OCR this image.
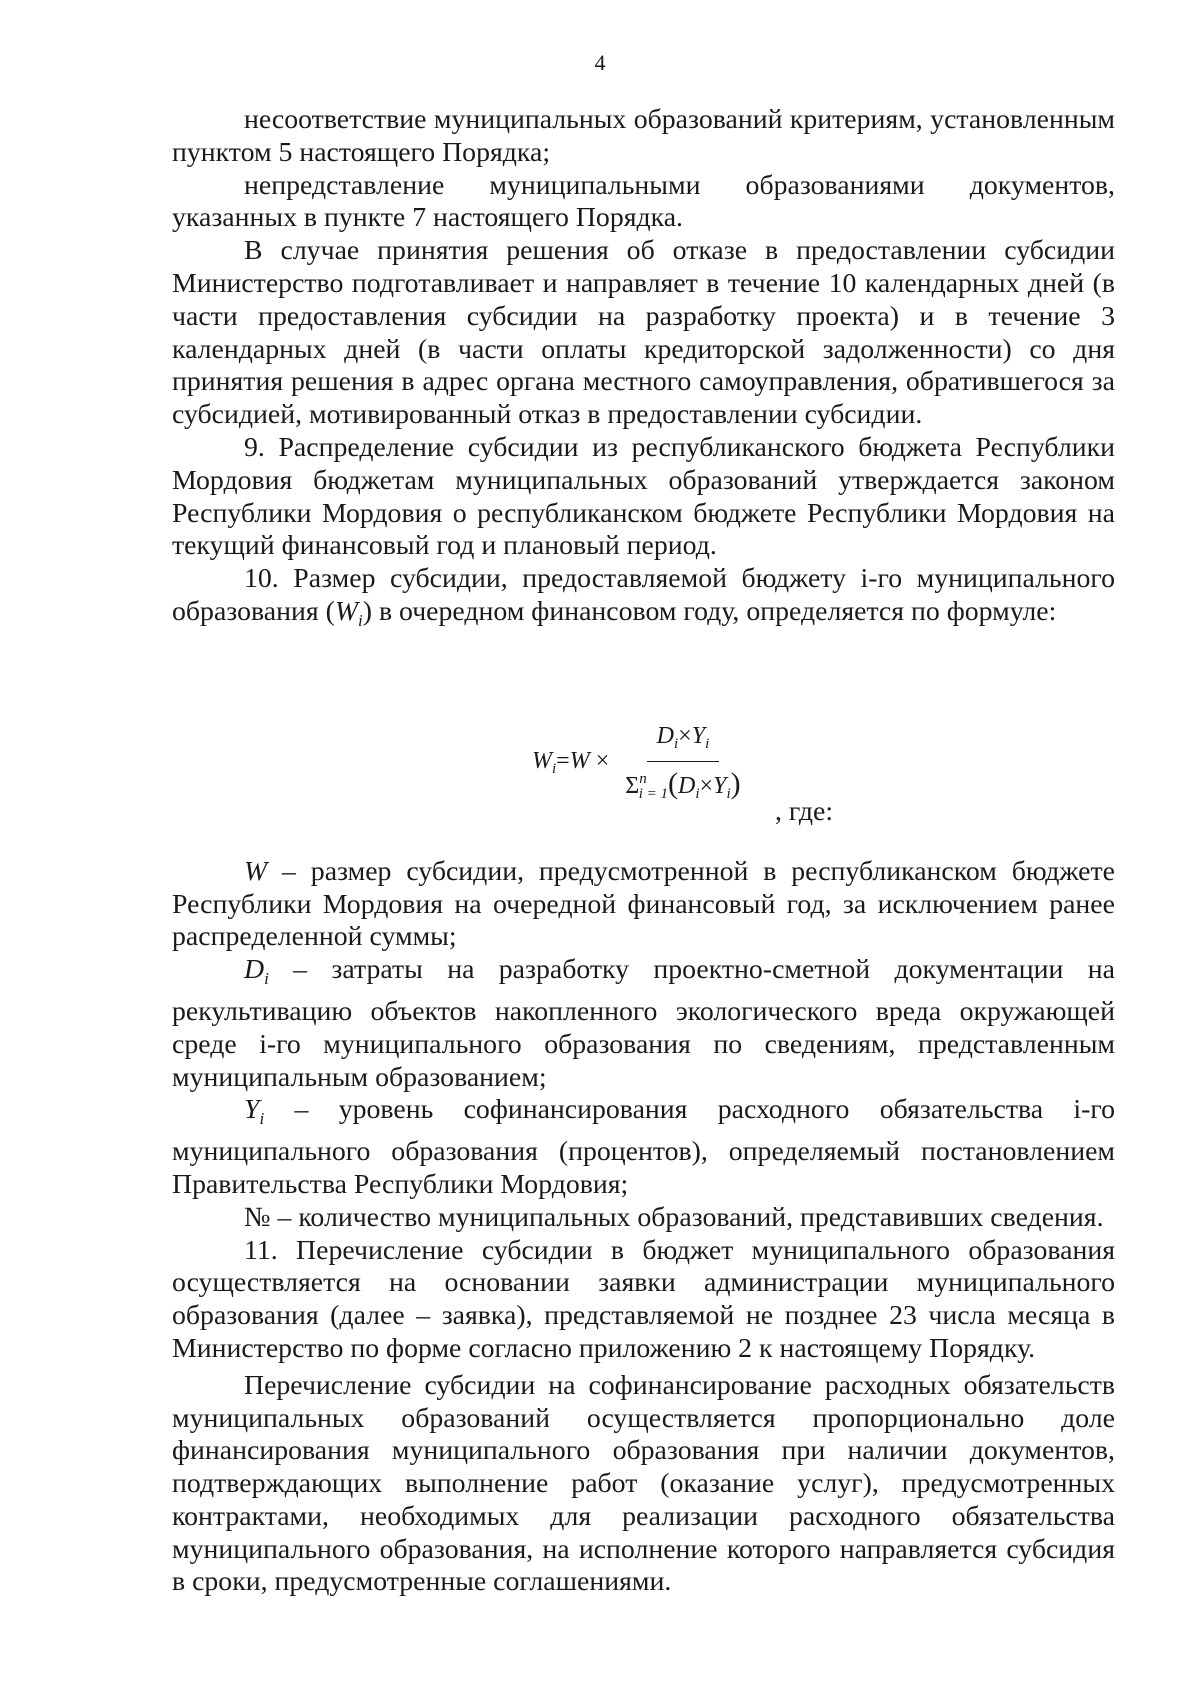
4

несоответствие муниципальных образований критериям, установленным пунктом 5 настоящего Порядка;

непредставление муниципальными образованиями документов, указанных в пункте 7 настоящего Порядка.

В случае принятия решения об отказе в предоставлении субсидии Министерство подготавливает и направляет в течение 10 календарных дней (в части предоставления субсидии на разработку проекта) и в течение 3 календарных дней (в части оплаты кредиторской задолженности) со дня принятия решения в адрес органа местного самоуправления, обратившегося за субсидией, мотивированный отказ в предоставлении субсидии.

9. Распределение субсидии из республиканского бюджета Республики Мордовия бюджетам муниципальных образований утверждается законом Республики Мордовия о республиканском бюджете Республики Мордовия на текущий финансовый год и плановый период.

10. Размер субсидии, предоставляемой бюджету i-го муниципального образования $(W_i)$ в очередном финансовом году, определяется по формуле:

$W_i=W \times \frac{D_i\times Y_i}{\Sigma^n_{i = 1}(D_i\times Y_i)}$
, где:

W – размер субсидии, предусмотренной в республиканском бюджете Республики Мордовия на очередной финансовый год, за исключением ранее распределенной суммы;

$D_i$ – затраты на разработку проектно-сметной документации на рекультивацию объектов накопленного экологического вреда окружающей среде i-го муниципального образования по сведениям, представленным муниципальным образованием;

$Y_i$ – уровень софинансирования расходного обязательства i-го муниципального образования (процентов), определяемый постановлением Правительства Республики Мордовия;

№ – количество муниципальных образований, представивших сведения.

11. Перечисление субсидии в бюджет муниципального образования осуществляется на основании заявки администрации муниципального образования (далее – заявка), представляемой не позднее 23 числа месяца в Министерство по форме согласно приложению 2 к настоящему Порядку.

Перечисление субсидии на софинансирование расходных обязательств муниципальных образований осуществляется пропорционально доле финансирования муниципального образования при наличии документов, подтверждающих выполнение работ (оказание услуг), предусмотренных контрактами, необходимых для реализации расходного обязательства муниципального образования, на исполнение которого направляется субсидия в сроки, предусмотренные соглашениями.
